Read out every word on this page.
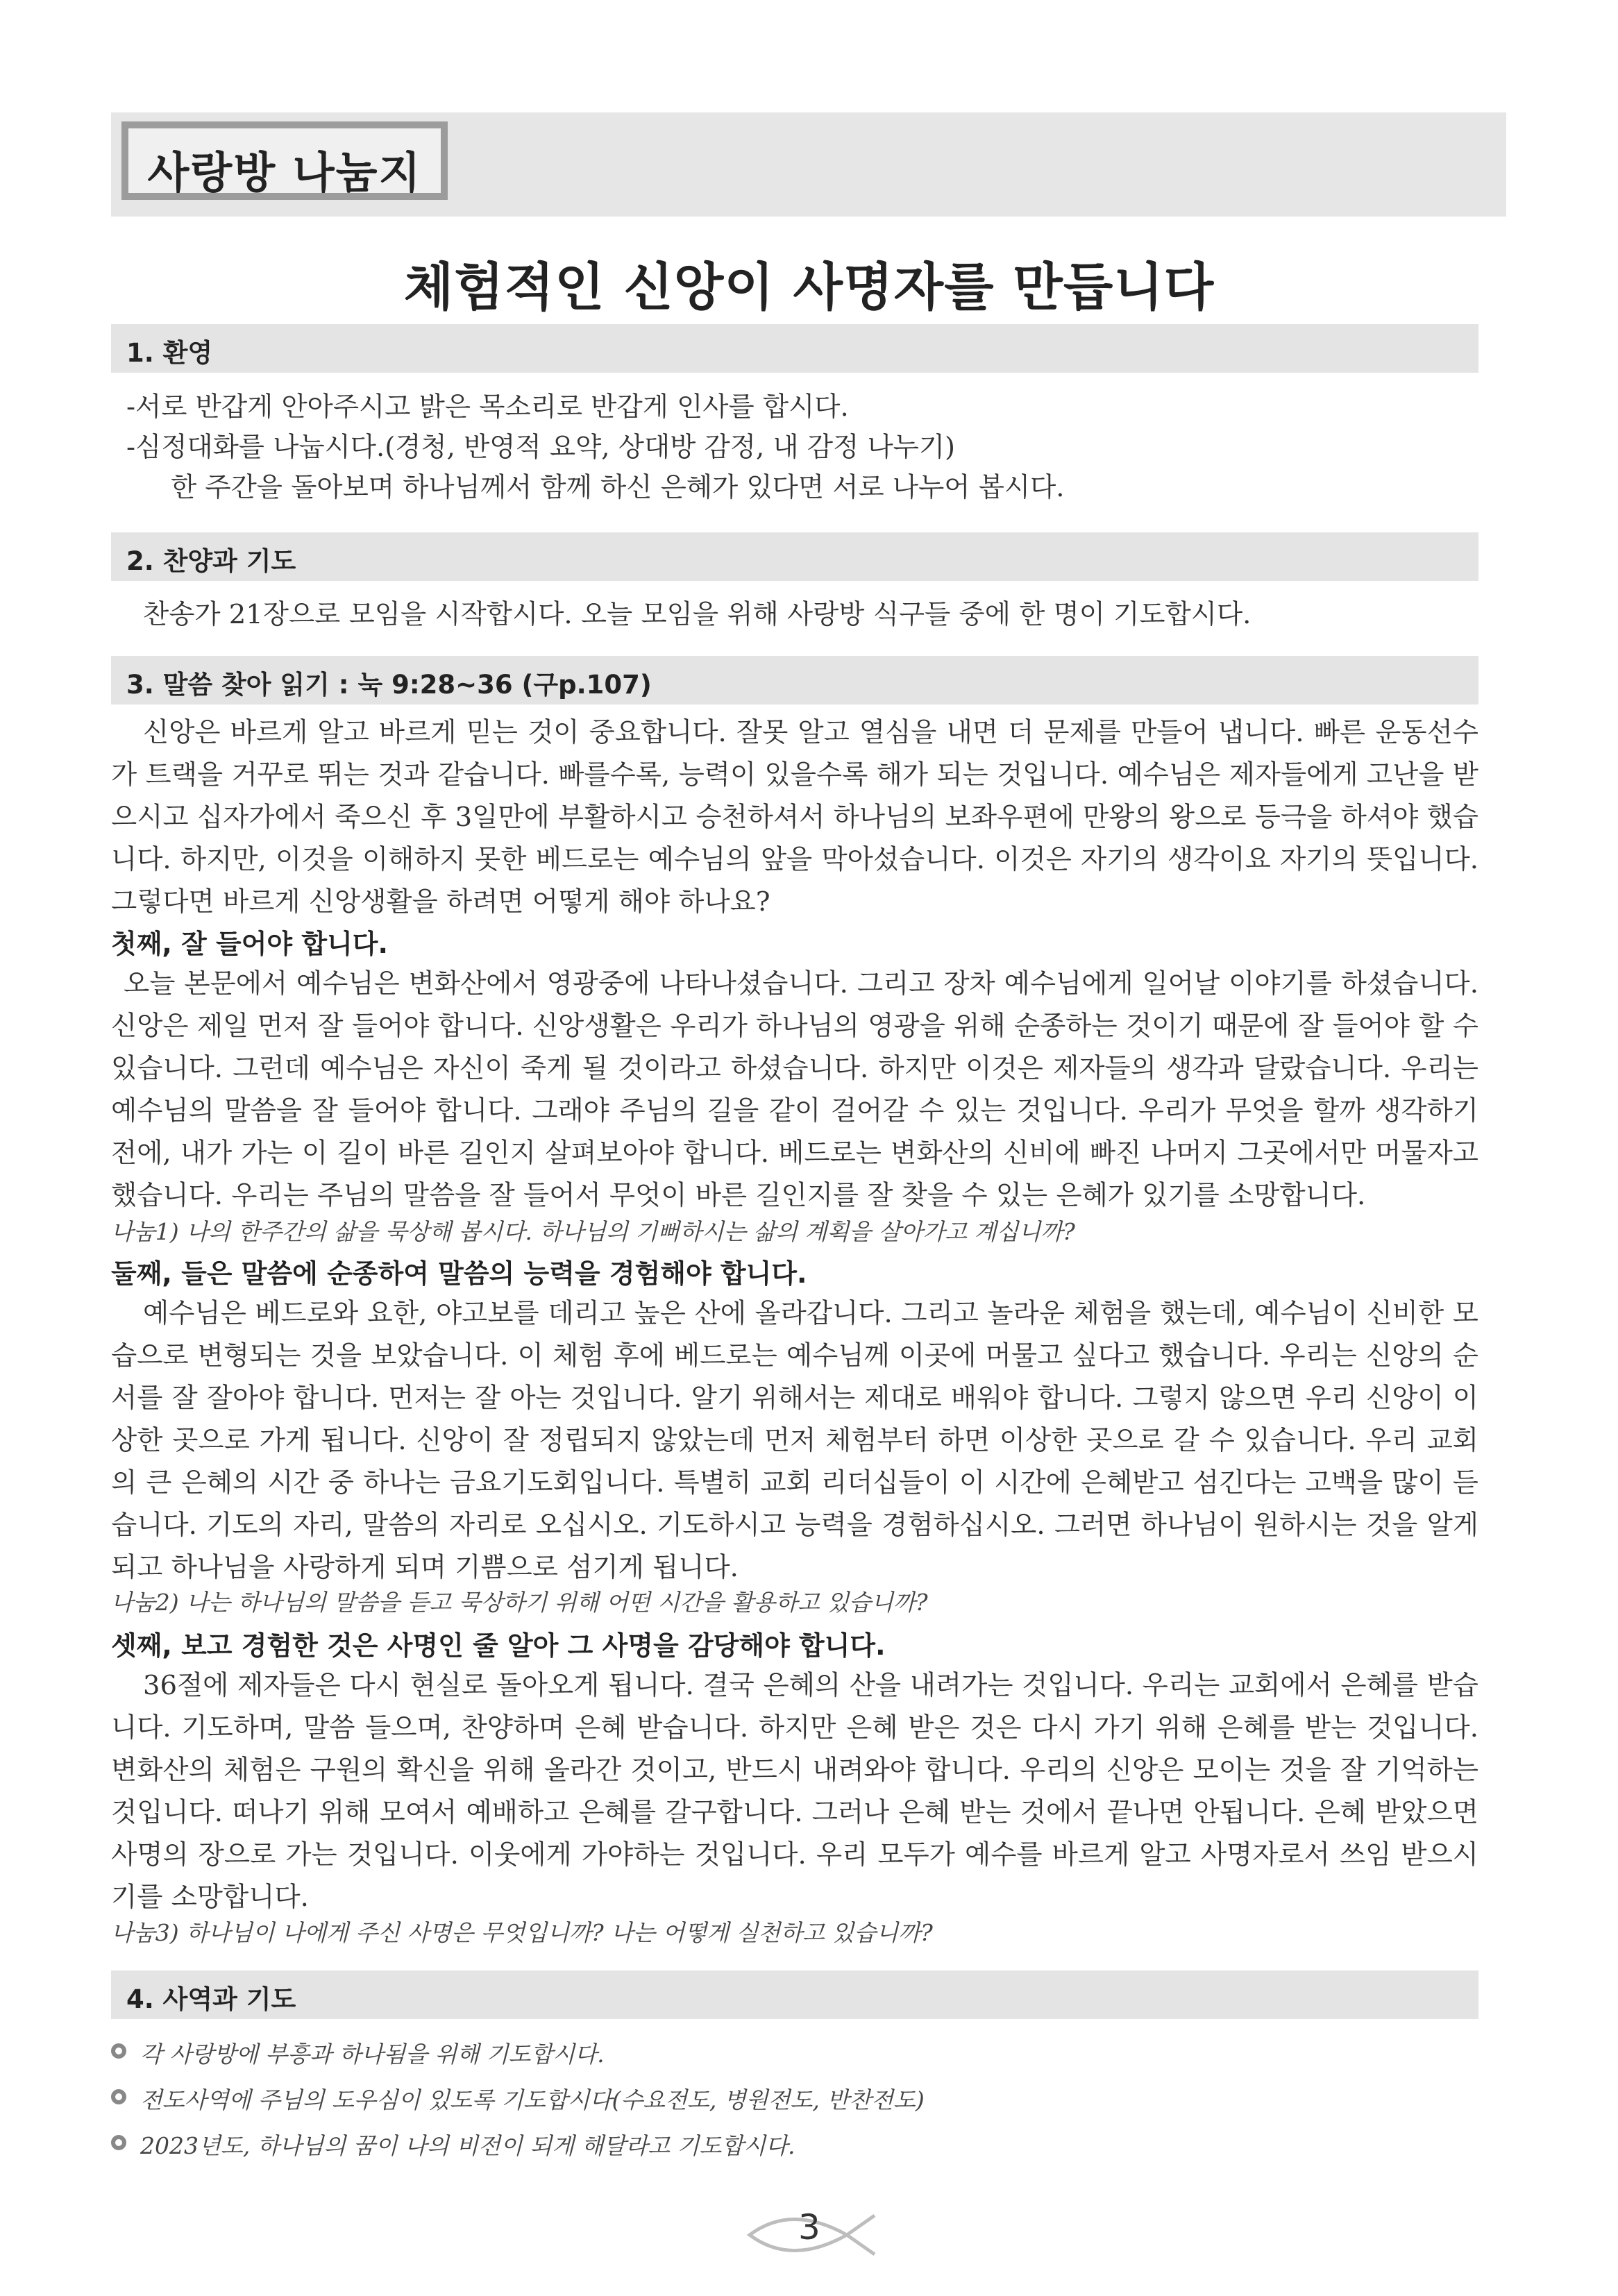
사랑방 나눔지
체험적인 신앙이 사명자를 만듭니다
1. 환영
-서로 반갑게 안아주시고 밝은 목소리로 반갑게 인사를 합시다.
-심정대화를 나눕시다.(경청, 반영적 요약, 상대방 감정, 내 감정 나누기)
한 주간을 돌아보며 하나님께서 함께 하신 은혜가 있다면 서로 나누어 봅시다.
2. 찬양과 기도
찬송가 21장으로 모임을 시작합시다. 오늘 모임을 위해 사랑방 식구들 중에 한 명이 기도합시다.
3. 말씀 찾아 읽기 : 눅 9:28~36 (구p.107)

신앙은 바르게 알고 바르게 믿는 것이 중요합니다. 잘못 알고 열심을 내면 더 문제를 만들어 냅니다. 빠른 운동선수가 트랙을 거꾸로 뛰는 것과 같습니다. 빠를수록, 능력이 있을수록 해가 되는 것입니다. 예수님은 제자들에게 고난을 받으시고 십자가에서 죽으신 후 3일만에 부활하시고 승천하셔서 하나님의 보좌우편에 만왕의 왕으로 등극을 하셔야 했습니다. 하지만, 이것을 이해하지 못한 베드로는 예수님의 앞을 막아섰습니다. 이것은 자기의 생각이요 자기의 뜻입니다. 그렇다면 바르게 신앙생활을 하려면 어떻게 해야 하나요?

첫째, 잘 들어야 합니다.

오늘 본문에서 예수님은 변화산에서 영광중에 나타나셨습니다. 그리고 장차 예수님에게 일어날 이야기를 하셨습니다. 신앙은 제일 먼저 잘 들어야 합니다. 신앙생활은 우리가 하나님의 영광을 위해 순종하는 것이기 때문에 잘 들어야 할 수 있습니다. 그런데 예수님은 자신이 죽게 될 것이라고 하셨습니다. 하지만 이것은 제자들의 생각과 달랐습니다. 우리는 예수님의 말씀을 잘 들어야 합니다. 그래야 주님의 길을 같이 걸어갈 수 있는 것입니다. 우리가 무엇을 할까 생각하기 전에, 내가 가는 이 길이 바른 길인지 살펴보아야 합니다. 베드로는 변화산의 신비에 빠진 나머지 그곳에서만 머물자고 했습니다. 우리는 주님의 말씀을 잘 들어서 무엇이 바른 길인지를 잘 찾을 수 있는 은혜가 있기를 소망합니다.

나눔1) 나의 한주간의 삶을 묵상해 봅시다. 하나님의 기뻐하시는 삶의 계획을 살아가고 계십니까?
둘째, 들은 말씀에 순종하여 말씀의 능력을 경험해야 합니다.

예수님은 베드로와 요한, 야고보를 데리고 높은 산에 올라갑니다. 그리고 놀라운 체험을 했는데, 예수님이 신비한 모습으로 변형되는 것을 보았습니다. 이 체험 후에 베드로는 예수님께 이곳에 머물고 싶다고 했습니다. 우리는 신앙의 순서를 잘 잘아야 합니다. 먼저는 잘 아는 것입니다. 알기 위해서는 제대로 배워야 합니다. 그렇지 않으면 우리 신앙이 이상한 곳으로 가게 됩니다. 신앙이 잘 정립되지 않았는데 먼저 체험부터 하면 이상한 곳으로 갈 수 있습니다. 우리 교회의 큰 은혜의 시간 중 하나는 금요기도회입니다. 특별히 교회 리더십들이 이 시간에 은혜받고 섬긴다는 고백을 많이 듣습니다. 기도의 자리, 말씀의 자리로 오십시오. 기도하시고 능력을 경험하십시오. 그러면 하나님이 원하시는 것을 알게 되고 하나님을 사랑하게 되며 기쁨으로 섬기게 됩니다.

나눔2) 나는 하나님의 말씀을 듣고 묵상하기 위해 어떤 시간을 활용하고 있습니까?
셋째, 보고 경험한 것은 사명인 줄 알아 그 사명을 감당해야 합니다.

36절에 제자들은 다시 현실로 돌아오게 됩니다. 결국 은혜의 산을 내려가는 것입니다. 우리는 교회에서 은혜를 받습니다. 기도하며, 말씀 들으며, 찬양하며 은혜 받습니다. 하지만 은혜 받은 것은 다시 가기 위해 은혜를 받는 것입니다. 변화산의 체험은 구원의 확신을 위해 올라간 것이고, 반드시 내려와야 합니다. 우리의 신앙은 모이는 것을 잘 기억하는 것입니다. 떠나기 위해 모여서 예배하고 은혜를 갈구합니다. 그러나 은혜 받는 것에서 끝나면 안됩니다. 은혜 받았으면 사명의 장으로 가는 것입니다. 이웃에게 가야하는 것입니다. 우리 모두가 예수를 바르게 알고 사명자로서 쓰임 받으시기를 소망합니다.

나눔3) 하나님이 나에게 주신 사명은 무엇입니까? 나는 어떻게 실천하고 있습니까?
4. 사역과 기도
각 사랑방에 부흥과 하나됨을 위해 기도합시다.
전도사역에 주님의 도우심이 있도록 기도합시다(수요전도, 병원전도, 반찬전도)
2023년도, 하나님의 꿈이 나의 비전이 되게 해달라고 기도합시다.
3
